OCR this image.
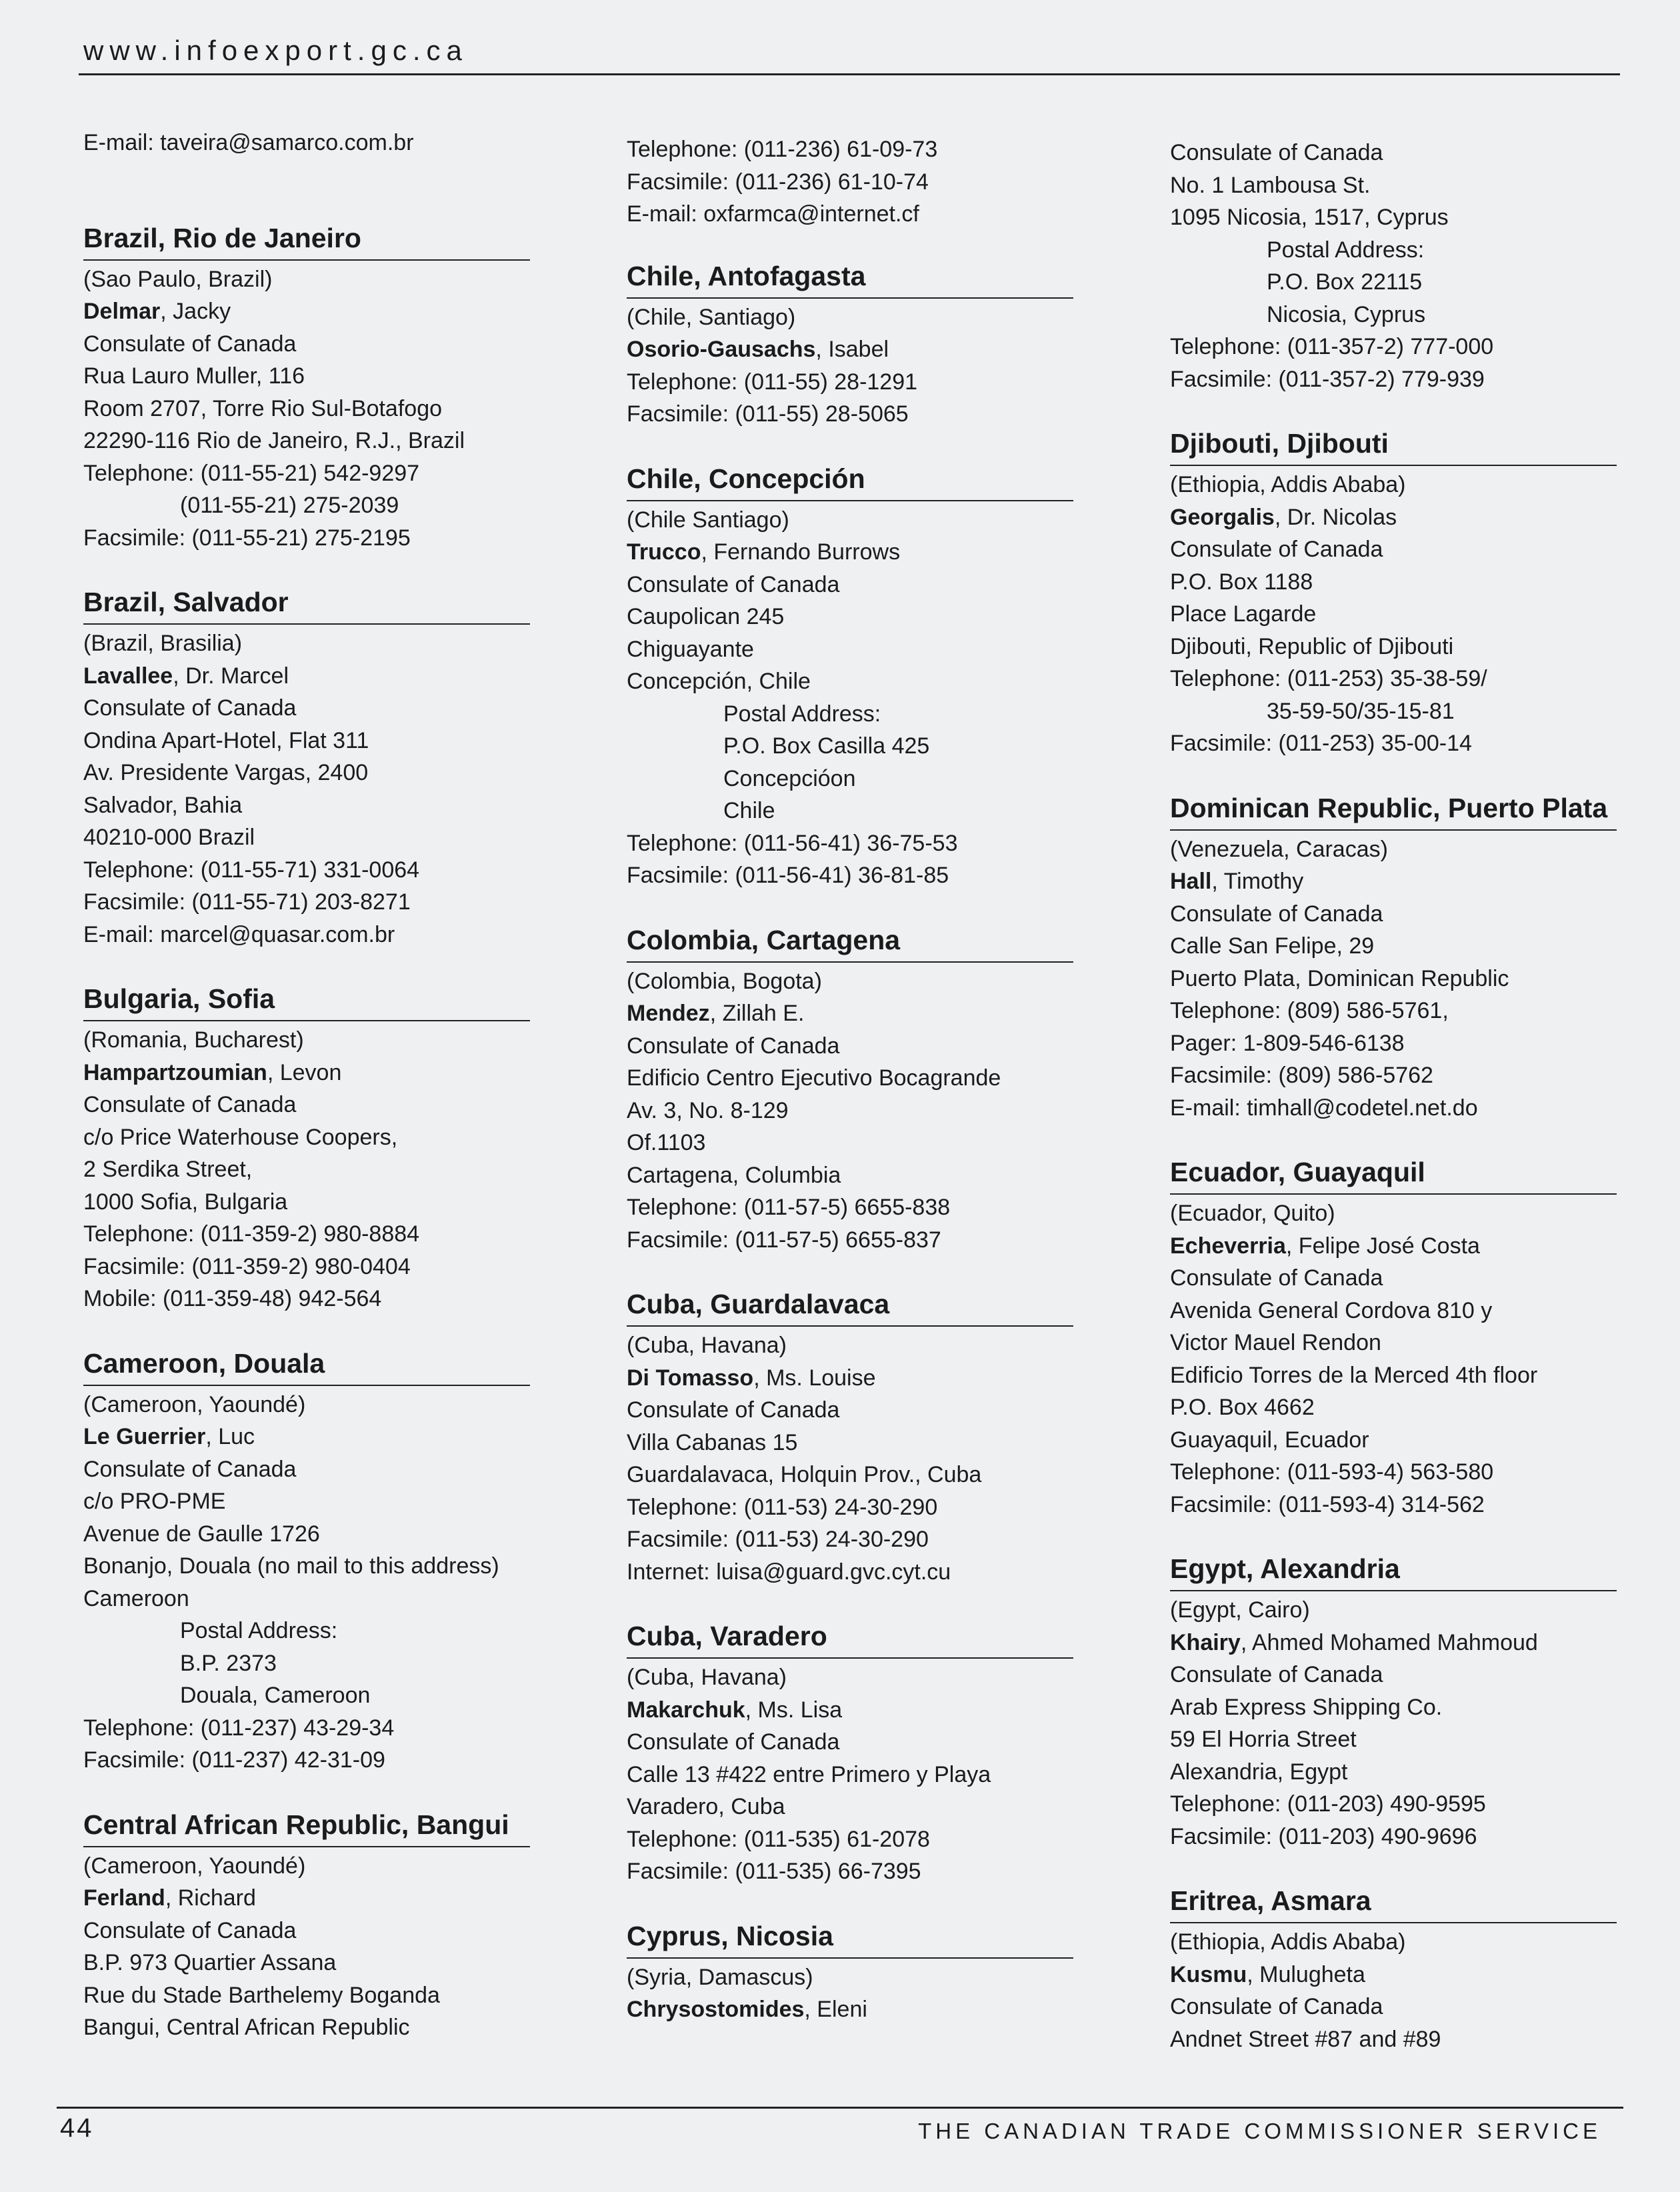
www.infoexport.gc.ca
E-mail: taveira@samarco.com.br
Brazil, Rio de Janeiro
(Sao Paulo, Brazil)
Delmar, Jacky
Consulate of Canada
Rua Lauro Muller, 116
Room 2707, Torre Rio Sul-Botafogo
22290-116 Rio de Janeiro, R.J., Brazil
Telephone: (011-55-21) 542-9297
(011-55-21) 275-2039
Facsimile: (011-55-21) 275-2195
Brazil, Salvador
(Brazil, Brasilia)
Lavallee, Dr. Marcel
Consulate of Canada
Ondina Apart-Hotel, Flat 311
Av. Presidente Vargas, 2400
Salvador, Bahia
40210-000 Brazil
Telephone: (011-55-71) 331-0064
Facsimile: (011-55-71) 203-8271
E-mail: marcel@quasar.com.br
Bulgaria, Sofia
(Romania, Bucharest)
Hampartzoumian, Levon
Consulate of Canada
c/o Price Waterhouse Coopers,
2 Serdika Street,
1000 Sofia, Bulgaria
Telephone: (011-359-2) 980-8884
Facsimile: (011-359-2) 980-0404
Mobile: (011-359-48) 942-564
Cameroon, Douala
(Cameroon, Yaoundé)
Le Guerrier, Luc
Consulate of Canada
c/o PRO-PME
Avenue de Gaulle 1726
Bonanjo, Douala (no mail to this address)
Cameroon
Postal Address:
B.P. 2373
Douala, Cameroon
Telephone: (011-237) 43-29-34
Facsimile: (011-237) 42-31-09
Central African Republic, Bangui
(Cameroon, Yaoundé)
Ferland, Richard
Consulate of Canada
B.P. 973 Quartier Assana
Rue du Stade Barthelemy Boganda
Bangui, Central African Republic
Telephone: (011-236) 61-09-73
Facsimile: (011-236) 61-10-74
E-mail: oxfarmca@internet.cf
Chile, Antofagasta
(Chile, Santiago)
Osorio-Gausachs, Isabel
Telephone: (011-55) 28-1291
Facsimile: (011-55) 28-5065
Chile, Concepción
(Chile Santiago)
Trucco, Fernando Burrows
Consulate of Canada
Caupolican 245
Chiguayante
Concepción, Chile
Postal Address:
P.O. Box Casilla 425
Concepcióon
Chile
Telephone: (011-56-41) 36-75-53
Facsimile: (011-56-41) 36-81-85
Colombia, Cartagena
(Colombia, Bogota)
Mendez, Zillah E.
Consulate of Canada
Edificio Centro Ejecutivo Bocagrande
Av. 3, No. 8-129
Of.1103
Cartagena, Columbia
Telephone: (011-57-5) 6655-838
Facsimile: (011-57-5) 6655-837
Cuba, Guardalavaca
(Cuba, Havana)
Di Tomasso, Ms. Louise
Consulate of Canada
Villa Cabanas 15
Guardalavaca, Holquin Prov., Cuba
Telephone: (011-53) 24-30-290
Facsimile: (011-53) 24-30-290
Internet: luisa@guard.gvc.cyt.cu
Cuba, Varadero
(Cuba, Havana)
Makarchuk, Ms. Lisa
Consulate of Canada
Calle 13 #422 entre Primero y Playa
Varadero, Cuba
Telephone: (011-535) 61-2078
Facsimile: (011-535) 66-7395
Cyprus, Nicosia
(Syria, Damascus)
Chrysostomides, Eleni
Consulate of Canada
No. 1 Lambousa St.
1095 Nicosia, 1517, Cyprus
Postal Address:
P.O. Box 22115
Nicosia, Cyprus
Telephone: (011-357-2) 777-000
Facsimile: (011-357-2) 779-939
Djibouti, Djibouti
(Ethiopia, Addis Ababa)
Georgalis, Dr. Nicolas
Consulate of Canada
P.O. Box 1188
Place Lagarde
Djibouti, Republic of Djibouti
Telephone: (011-253) 35-38-59/
35-59-50/35-15-81
Facsimile: (011-253) 35-00-14
Dominican Republic, Puerto Plata
(Venezuela, Caracas)
Hall, Timothy
Consulate of Canada
Calle San Felipe, 29
Puerto Plata, Dominican Republic
Telephone: (809) 586-5761,
Pager: 1-809-546-6138
Facsimile: (809) 586-5762
E-mail: timhall@codetel.net.do
Ecuador, Guayaquil
(Ecuador, Quito)
Echeverria, Felipe José Costa
Consulate of Canada
Avenida General Cordova 810 y
Victor Mauel Rendon
Edificio Torres de la Merced 4th floor
P.O. Box 4662
Guayaquil, Ecuador
Telephone: (011-593-4) 563-580
Facsimile: (011-593-4) 314-562
Egypt, Alexandria
(Egypt, Cairo)
Khairy, Ahmed Mohamed Mahmoud
Consulate of Canada
Arab Express Shipping Co.
59 El Horria Street
Alexandria, Egypt
Telephone: (011-203) 490-9595
Facsimile: (011-203) 490-9696
Eritrea, Asmara
(Ethiopia, Addis Ababa)
Kusmu, Mulugheta
Consulate of Canada
Andnet Street #87 and #89
44	THE CANADIAN TRADE COMMISSIONER SERVICE
